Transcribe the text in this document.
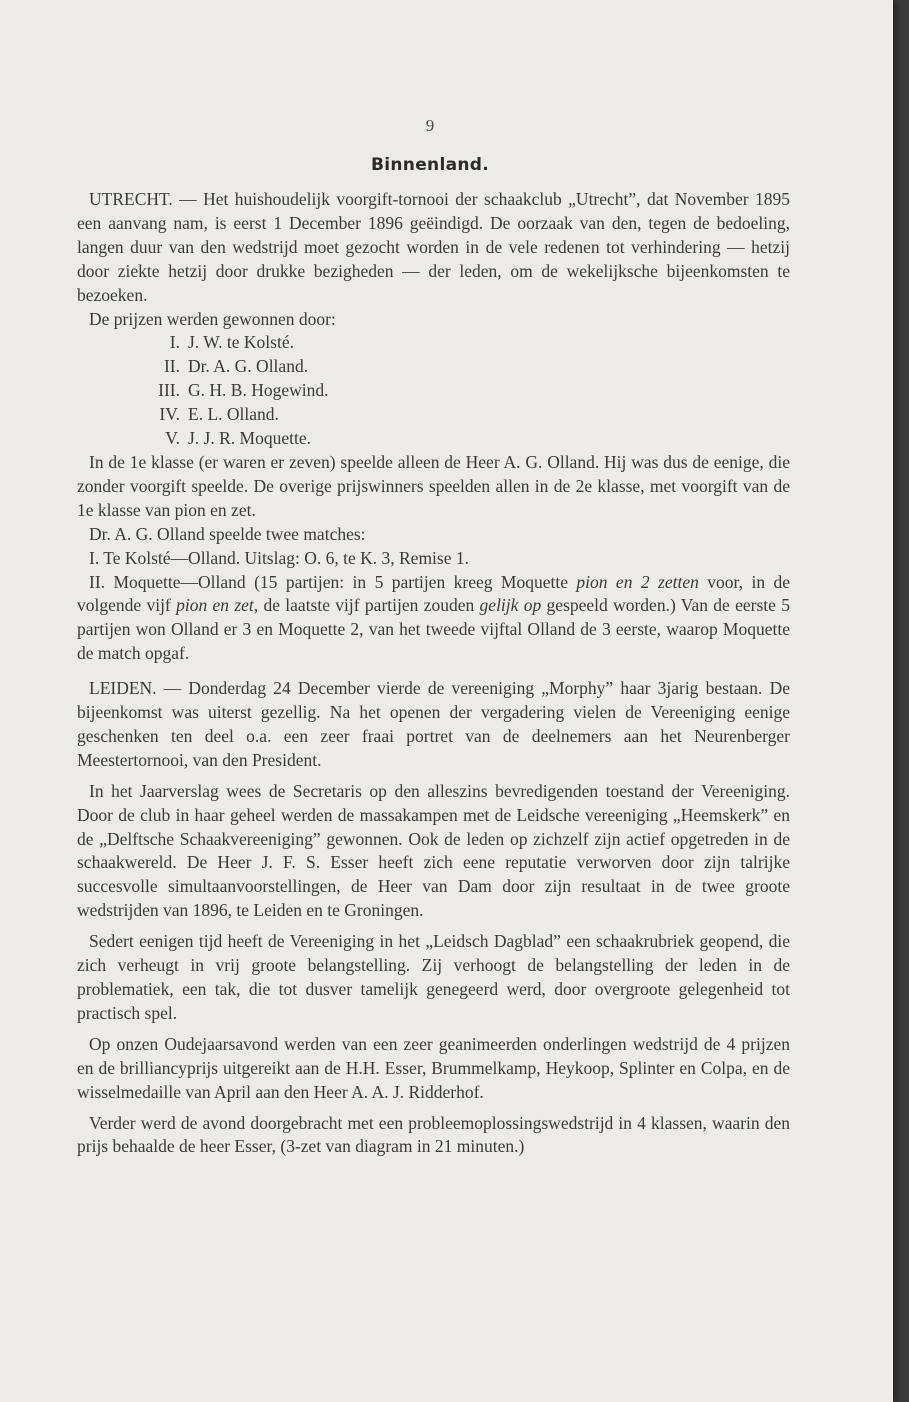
9
Binnenland.

UTRECHT. — Het huishoudelijk voorgift-tornooi der schaakclub „Utrecht”, dat November 1895 een aanvang nam, is eerst 1 December 1896 geëindigd. De oorzaak van den, tegen de bedoeling, langen duur van den wedstrijd moet gezocht worden in de vele redenen tot verhindering — hetzij door ziekte hetzij door drukke bezigheden — der leden, om de wekelijksche bijeenkomsten te bezoeken.

De prijzen werden gewonnen door:

I. J. W. te Kolsté.
II. Dr. A. G. Olland.
III. G. H. B. Hogewind.
IV. E. L. Olland.
V. J. J. R. Moquette.

In de 1e klasse (er waren er zeven) speelde alleen de Heer A. G. Olland. Hij was dus de eenige, die zonder voorgift speelde. De overige prijswinners speelden allen in de 2e klasse, met voorgift van de 1e klasse van pion en zet.

Dr. A. G. Olland speelde twee matches:

I. Te Kolsté—Olland. Uitslag: O. 6, te K. 3, Remise 1.

II. Moquette—Olland (15 partijen: in 5 partijen kreeg Moquette pion en 2 zetten voor, in de volgende vijf pion en zet, de laatste vijf partijen zouden gelijk op gespeeld worden.) Van de eerste 5 partijen won Olland er 3 en Moquette 2, van het tweede vijftal Olland de 3 eerste, waarop Moquette de match opgaf.

LEIDEN. — Donderdag 24 December vierde de vereeniging „Morphy” haar 3jarig bestaan. De bijeenkomst was uiterst gezellig. Na het openen der vergadering vielen de Vereeniging eenige geschenken ten deel o.a. een zeer fraai portret van de deelnemers aan het Neurenberger Meestertornooi, van den President.

In het Jaarverslag wees de Secretaris op den alleszins bevredigenden toestand der Vereeniging. Door de club in haar geheel werden de massakampen met de Leidsche vereeniging „Heemskerk” en de „Delftsche Schaakvereeniging” gewonnen. Ook de leden op zichzelf zijn actief opgetreden in de schaakwereld. De Heer J. F. S. Esser heeft zich eene reputatie verworven door zijn talrijke succesvolle simultaanvoorstellingen, de Heer van Dam door zijn resultaat in de twee groote wedstrijden van 1896, te Leiden en te Groningen.

Sedert eenigen tijd heeft de Vereeniging in het „Leidsch Dagblad” een schaakrubriek geopend, die zich verheugt in vrij groote belangstelling. Zij verhoogt de belangstelling der leden in de problematiek, een tak, die tot dusver tamelijk genegeerd werd, door overgroote gelegenheid tot practisch spel.

Op onzen Oudejaarsavond werden van een zeer geanimeerden onderlingen wedstrijd de 4 prijzen en de brilliancyprijs uitgereikt aan de H.H. Esser, Brummelkamp, Heykoop, Splinter en Colpa, en de wisselmedaille van April aan den Heer A. A. J. Ridderhof.

Verder werd de avond doorgebracht met een probleemoplossingswedstrijd in 4 klassen, waarin den prijs behaalde de heer Esser, (3-zet van diagram in 21 minuten.)
